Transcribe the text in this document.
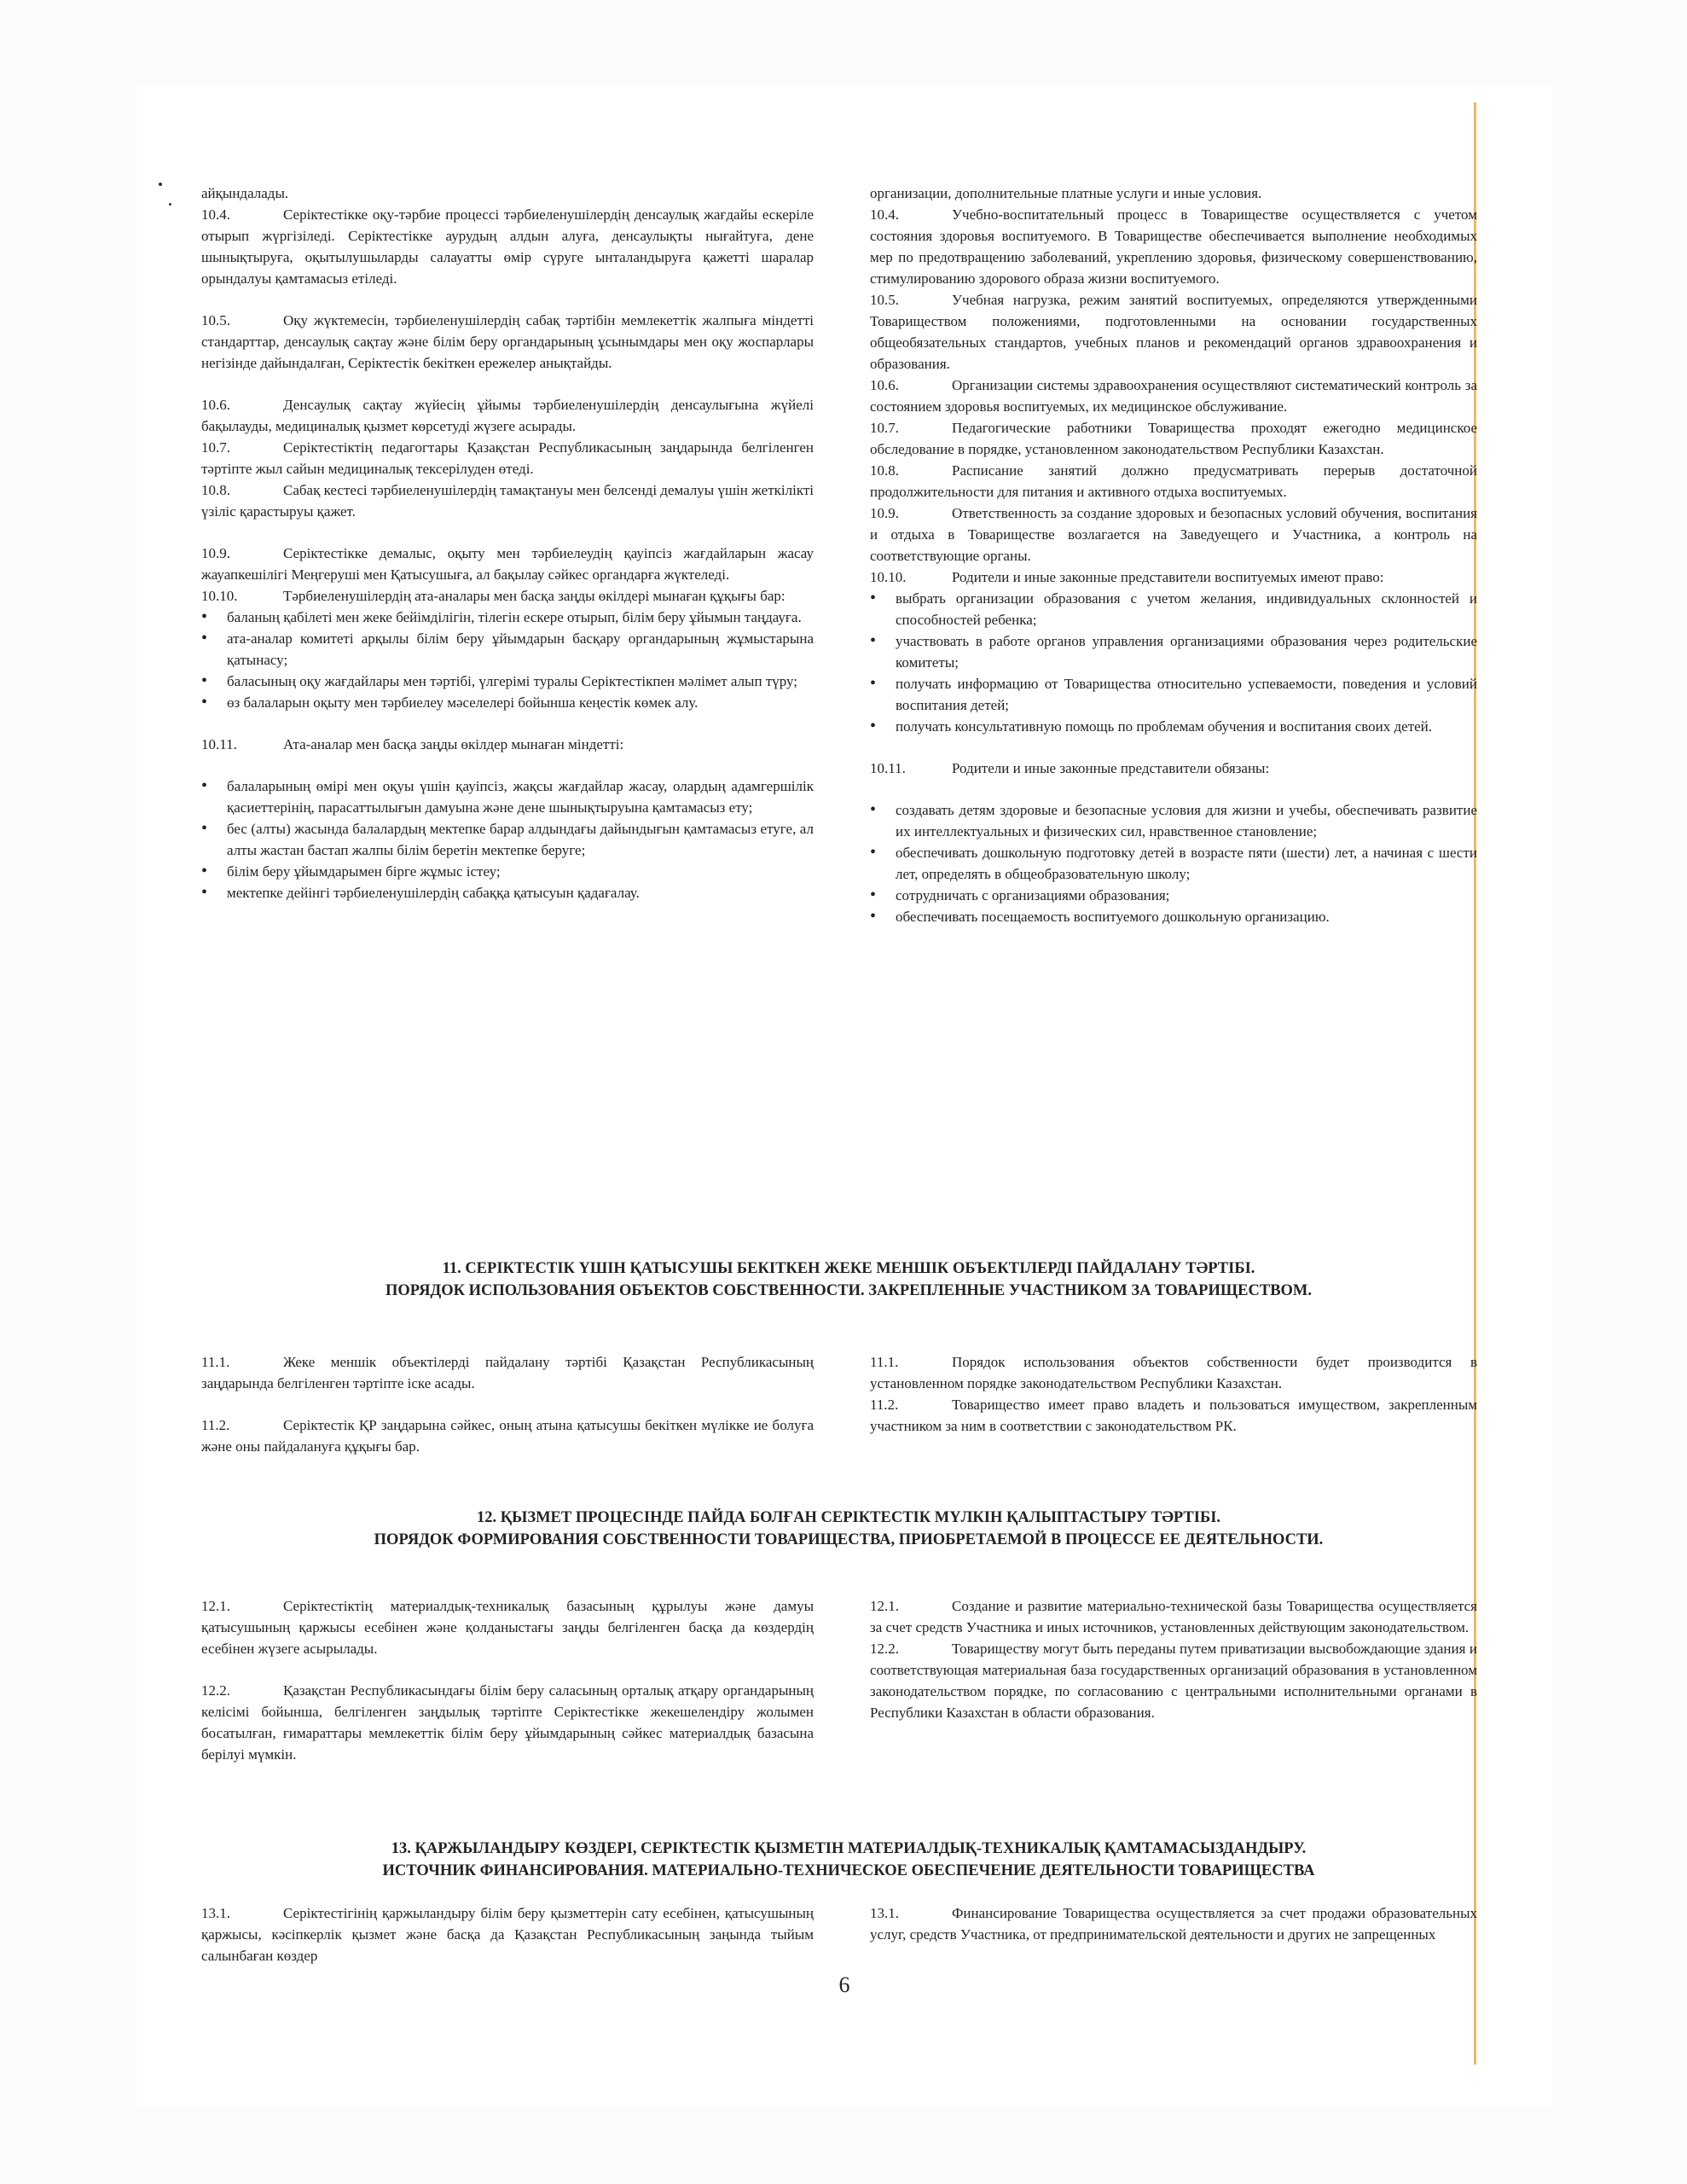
айқындалады.

10.4.	Серіктестікке оқу-тәрбие процессі тәрбиеленушілердің денсаулық жағдайы ескеріле отырып жүргізіледі. Серіктестікке аурудың алдын алуға, денсаулықты нығайтуға, дене шынықтыруға, оқытылушыларды салауатты өмір сүруге ынталандыруға қажетті шаралар орындалуы қамтамасыз етіледі.

10.5.	Оқу жүктемесін, тәрбиеленушілердің сабақ тәртібін мемлекеттік жалпыға міндетті стандарттар, денсаулық сақтау және білім беру органдарының ұсынымдары мен оқу жоспарлары негізінде дайындалған, Серіктестік бекіткен ережелер анықтайды.

10.6.	Денсаулық сақтау жүйесің ұйымы тәрбиеленушілердің денсаулығына жүйелі бақылауды, медициналық қызмет көрсетуді жүзеге асырады.

10.7.	Серіктестіктің педагогтары Қазақстан Республикасының заңдарында белгіленген тәртіпте жыл сайын медициналық тексерілуден өтеді.

10.8.	Сабақ кестесі тәрбиеленушілердің тамақтануы мен белсенді демалуы үшін жеткілікті үзіліс қарастыруы қажет.

10.9.	Серіктестікке демалыс, оқыту мен тәрбиелеудің қауіпсіз жағдайларын жасау жауапкешілігі Меңгеруші мен Қатысушыға, ал бақылау сәйкес органдарға жүктеледі.

10.10.	Тәрбиеленушілердің ата-аналары мен басқа заңды өкілдері мынаған құқығы бар:

• баланың қабілеті мен жеке бейімділігін, тілегін ескере отырып, білім беру ұйымын таңдауға.
• ата-аналар комитеті арқылы білім беру ұйымдарын басқару органдарының жұмыстарына қатынасу;
• баласының оқу жағдайлары мен тәртібі, үлгерімі туралы Серіктестікпен мәлімет алып түру;
• өз балаларын оқыту мен тәрбиелеу мәселелері бойынша кеңестік көмек алу.

10.11.	Ата-аналар мен басқа заңды өкілдер мынаған міндетті:

• балаларының өмірі мен оқуы үшін қауіпсіз, жақсы жағдайлар жасау, олардың адамгершілік қасиеттерінің, парасаттылығын дамуына және дене шынықтыруына қамтамасыз ету;
• бес (алты) жасында балалардың мектепке барар алдындағы дайындығын қамтамасыз етуге, ал алты жастан бастап жалпы білім беретін мектепке беруге;
• білім беру ұйымдарымен бірге жұмыс істеу;
• мектепке дейінгі тәрбиеленушілердің сабаққа қатысуын қадағалау.

организации, дополнительные платные услуги и иные условия.

10.4.	Учебно-воспитательный процесс в Товариществе осуществляется с учетом состояния здоровья воспитуемого. В Товариществе обеспечивается выполнение необходимых мер по предотвращению заболеваний, укреплению здоровья, физическому совершенствованию, стимулированию здорового образа жизни воспитуемого.

10.5.	Учебная нагрузка, режим занятий воспитуемых, определяются утвержденными Товариществом положениями, подготовленными на основании государственных общеобязательных стандартов, учебных планов и рекомендаций органов здравоохранения и образования.

10.6.	Организации системы здравоохранения осуществляют систематический контроль за состоянием здоровья воспитуемых, их медицинское обслуживание.

10.7.	Педагогические работники Товарищества проходят ежегодно медицинское обследование в порядке, установленном законодательством Республики Казахстан.

10.8.	Расписание занятий должно предусматривать перерыв достаточной продолжительности для питания и активного отдыха воспитуемых.

10.9.	Ответственность за создание здоровых и безопасных условий обучения, воспитания и отдыха в Товариществе возлагается на Заведуещего и Участника, а контроль на соответствующие органы.

10.10.	Родители и иные законные представители воспитуемых имеют право:

• выбрать организации образования с учетом желания, индивидуальных склонностей и способностей ребенка;
• участвовать в работе органов управления организациями образования через родительские комитеты;
• получать информацию от Товарищества относительно успеваемости, поведения и условий воспитания детей;
• получать консультативную помощь по проблемам обучения и воспитания своих детей.

10.11.	Родители и иные законные представители обязаны:

• создавать детям здоровые и безопасные условия для жизни и учебы, обеспечивать развитие их интеллектуальных и физических сил, нравственное становление;
• обеспечивать дошкольную подготовку детей в возрасте пяти (шести) лет, а начиная с шести лет, определять в общеобразовательную школу;
• сотрудничать с организациями образования;
• обеспечивать посещаемость воспитуемого дошкольную организацию.
11. СЕРІКТЕСТІК ҮШІН ҚАТЫСУШЫ БЕКІТКЕН ЖЕКЕ МЕНШІК ОБЪЕКТІЛЕРДІ ПАЙДАЛАНУ ТӘРТІБІ.
ПОРЯДОК ИСПОЛЬЗОВАНИЯ ОБЪЕКТОВ СОБСТВЕННОСТИ. ЗАКРЕПЛЕННЫЕ УЧАСТНИКОМ ЗА ТОВАРИЩЕСТВОМ.

11.1.	Жеке меншік объектілерді пайдалану тәртібі Қазақстан Республикасының заңдарында белгіленген тәртіпте іске асады.

11.2.	Серіктестік ҚР заңдарына сәйкес, оның атына қатысушы бекіткен мүлікке ие болуға және оны пайдалануға құқығы бар.

11.1.	Порядок использования объектов собственности будет производится в установленном порядке законодательством Республики Казахстан.

11.2.	Товарищество имеет право владеть и пользоваться имуществом, закрепленным участником за ним в соответствии с законодательством РК.

12. ҚЫЗМЕТ ПРОЦЕСІНДЕ ПАЙДА БОЛҒАН СЕРІКТЕСТІК МҮЛКІН ҚАЛЫПТАСТЫРУ ТӘРТІБІ.
ПОРЯДОК ФОРМИРОВАНИЯ СОБСТВЕННОСТИ ТОВАРИЩЕСТВА, ПРИОБРЕТАЕМОЙ В ПРОЦЕССЕ ЕЕ ДЕЯТЕЛЬНОСТИ.

12.1.	Серіктестіктің материалдық-техникалық базасының құрылуы және дамуы қатысушының қаржысы есебінен және қолданыстағы заңды белгіленген басқа да көздердің есебінен жүзеге асырылады.

12.2.	Қазақстан Республикасындағы білім беру саласының орталық атқару органдарының келісімі бойынша, белгіленген заңдылық тәртіпте Серіктестікке жекешелендіру жолымен босатылған, ғимараттары мемлекеттік білім беру ұйымдарының сәйкес материалдық базасына берілуі мүмкін.

12.1.	Создание и развитие материально-технической базы Товарищества осуществляется за счет средств Участника и иных источников, установленных действующим законодательством.

12.2.	Товариществу могут быть переданы путем приватизации высвобождающие здания и соответствующая материальная база государственных организаций образования в установленном законодательством порядке, по согласованию с центральными исполнительными органами в Республики Казахстан в области образования.

13. ҚАРЖЫЛАНДЫРУ КӨЗДЕРІ, СЕРІКТЕСТІК ҚЫЗМЕТІН МАТЕРИАЛДЫҚ-ТЕХНИКАЛЫҚ ҚАМТАМАСЫЗДАНДЫРУ.
ИСТОЧНИК ФИНАНСИРОВАНИЯ. МАТЕРИАЛЬНО-ТЕХНИЧЕСКОЕ ОБЕСПЕЧЕНИЕ ДЕЯТЕЛЬНОСТИ ТОВАРИЩЕСТВА

13.1.	Серіктестігінің қаржыландыру білім беру қызметтерін сату есебінен, қатысушының қаржысы, кәсіпкерлік қызмет және басқа да Қазақстан Республикасының заңында тыйым салынбаған көздер

13.1.	Финансирование Товарищества осуществляется за счет продажи образовательных услуг, средств Участника, от предпринимательской деятельности и других не запрещенных

6
